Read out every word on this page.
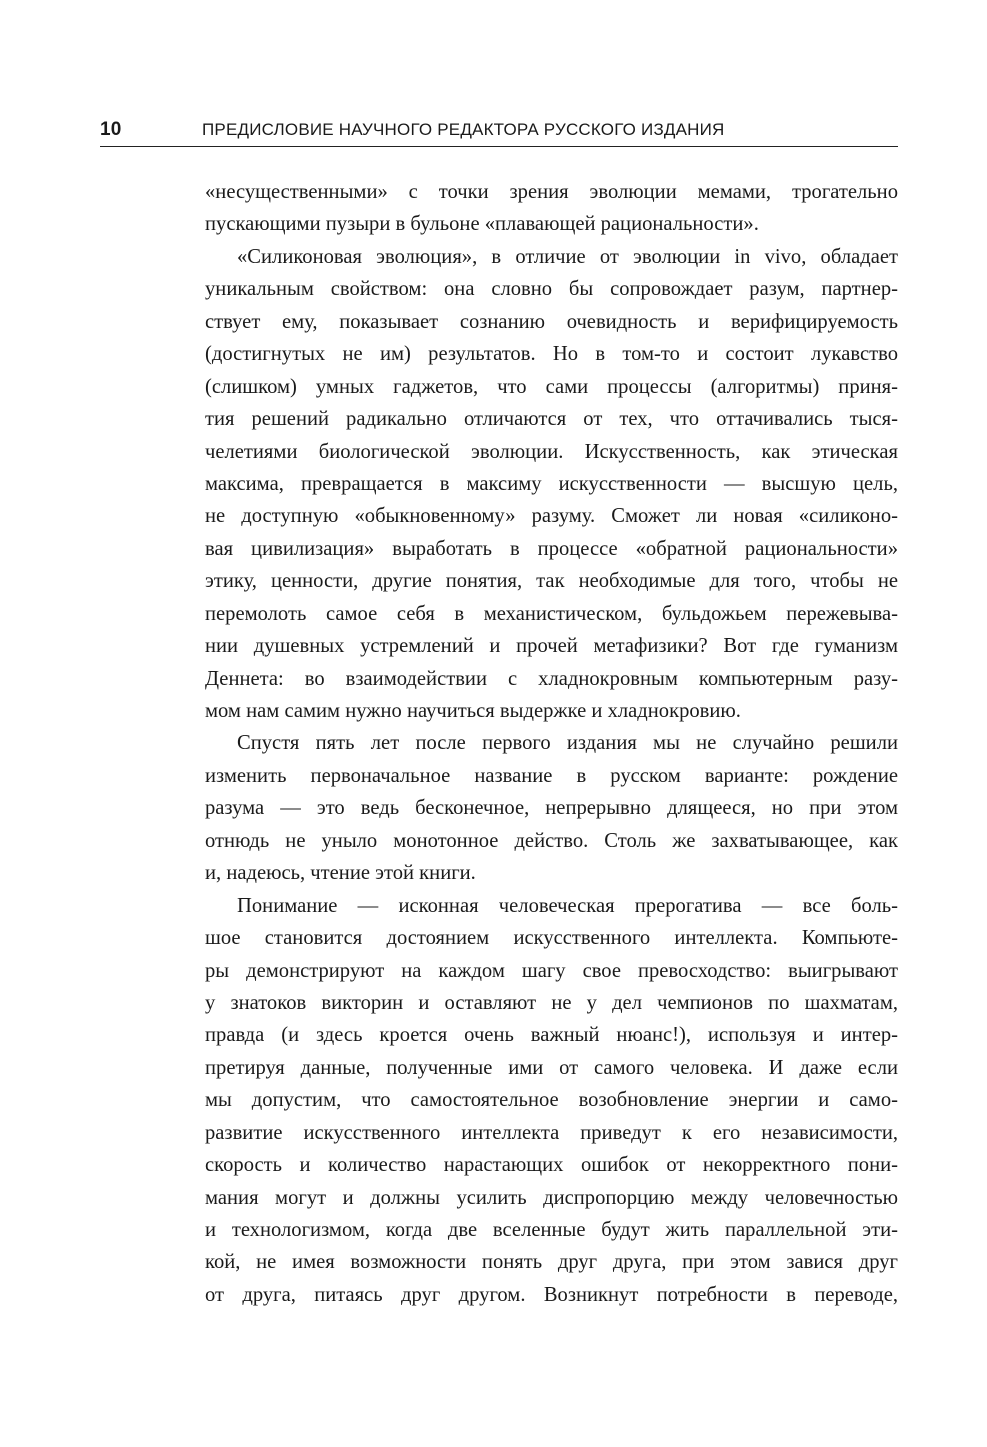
10	ПРЕДИСЛОВИЕ НАУЧНОГО РЕДАКТОРА РУССКОГО ИЗДАНИЯ
«несущественными» с точки зрения эволюции мемами, трогательно
пускающими пузыри в бульоне «плавающей рациональности».
«Силиконовая эволюция», в отличие от эволюции in vivo, обладает
уникальным свойством: она словно бы сопровождает разум, партнер-
ствует ему, показывает сознанию очевидность и верифицируемость
(достигнутых не им) результатов. Но в том-то и состоит лукавство
(слишком) умных гаджетов, что сами процессы (алгоритмы) приня-
тия решений радикально отличаются от тех, что оттачивались тыся-
челетиями биологической эволюции. Искусственность, как этическая
максима, превращается в максиму искусственности — высшую цель,
не доступную «обыкновенному» разуму. Сможет ли новая «силиконо-
вая цивилизация» выработать в процессе «обратной рациональности»
этику, ценности, другие понятия, так необходимые для того, чтобы не
перемолоть самое себя в механистическом, бульдожьем пережевыва-
нии душевных устремлений и прочей метафизики? Вот где гуманизм
Деннета: во взаимодействии с хладнокровным компьютерным разу-
мом нам самим нужно научиться выдержке и хладнокровию.
Спустя пять лет после первого издания мы не случайно решили
изменить первоначальное название в русском варианте: рождение
разума — это ведь бесконечное, непрерывно длящееся, но при этом
отнюдь не уныло монотонное действо. Столь же захватывающее, как
и, надеюсь, чтение этой книги.
Понимание — исконная человеческая прерогатива — все боль-
шое становится достоянием искусственного интеллекта. Компьюте-
ры демонстрируют на каждом шагу свое превосходство: выигрывают
у знатоков викторин и оставляют не у дел чемпионов по шахматам,
правда (и здесь кроется очень важный нюанс!), используя и интер-
претируя данные, полученные ими от самого человека. И даже если
мы допустим, что самостоятельное возобновление энергии и само-
развитие искусственного интеллекта приведут к его независимости,
скорость и количество нарастающих ошибок от некорректного пони-
мания могут и должны усилить диспропорцию между человечностью
и технологизмом, когда две вселенные будут жить параллельной эти-
кой, не имея возможности понять друг друга, при этом завися друг
от друга, питаясь друг другом. Возникнут потребности в переводе,
